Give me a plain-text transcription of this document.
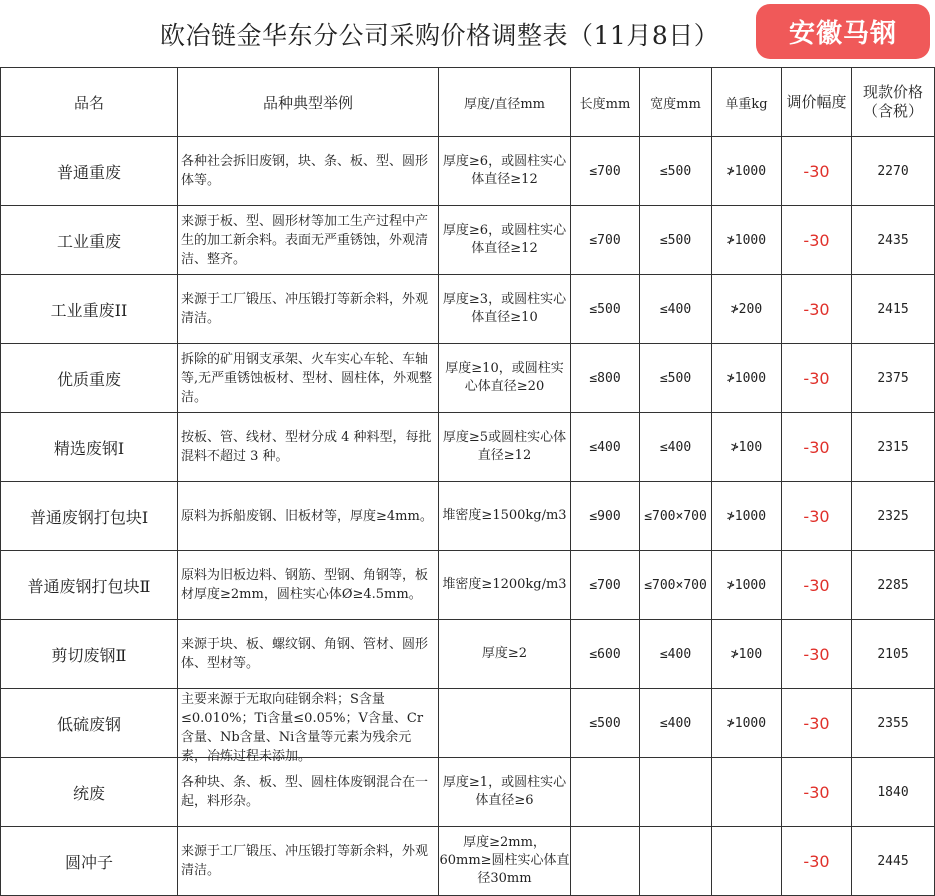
欧冶链金华东分公司采购价格调整表（11月8日）	安徽马钢
品名	品种典型举例	厚度/直径mm	长度mm	宽度mm	单重kg	调价幅度	现款价格（含税）

普通重废	各种社会拆旧废钢，块、条、板、型、圆形体等。	厚度≥6，或圆柱实心体直径≥12	≤700	≤500	≯1000	-30	2270

工业重废	来源于板、型、圆形材等加工生产过程中产生的加工新余料。表面无严重锈蚀，外观清洁、整齐。	厚度≥6，或圆柱实心体直径≥12	≤700	≤500	≯1000	-30	2435

工业重废II	来源于工厂锻压、冲压锻打等新余料，外观清洁。	厚度≥3，或圆柱实心体直径≥10	≤500	≤400	≯200	-30	2415

优质重废	拆除的矿用钢支承架、火车实心车轮、车轴等,无严重锈蚀板材、型材、圆柱体，外观整洁。	厚度≥10，或圆柱实心体直径≥20	≤800	≤500	≯1000	-30	2375

精选废钢Ⅰ	按板、管、线材、型材分成 4 种料型，每批混料不超过 3 种。	厚度≥5或圆柱实心体直径≥12	≤400	≤400	≯100	-30	2315

普通废钢打包块Ⅰ	原料为拆船废钢、旧板材等，厚度≥4mm。	堆密度≥1500kg/m3	≤900	≤700×700	≯1000	-30	2325

普通废钢打包块Ⅱ	原料为旧板边料、钢筋、型钢、角钢等，板材厚度≥2mm，圆柱实心体Ø≥4.5mm。	堆密度≥1200kg/m3	≤700	≤700×700	≯1000	-30	2285

剪切废钢Ⅱ	来源于块、板、螺纹钢、角钢、管材、圆形体、型材等。	厚度≥2	≤600	≤400	≯100	-30	2105

低硫废钢	主要来源于无取向硅钢余料；S含量≤0.010%；Ti含量≤0.05%；V含量、Cr含量、Nb含量、Ni含量等元素为残余元素，冶炼过程未添加。		≤500	≤400	≯1000	-30	2355

统废	各种块、条、板、型、圆柱体废钢混合在一起，料形杂。	厚度≥1，或圆柱实心体直径≥6				-30	1840

圆冲子	来源于工厂锻压、冲压锻打等新余料，外观清洁。	厚度≥2mm，60mm≥圆柱实心体直径30mm				-30	2445
